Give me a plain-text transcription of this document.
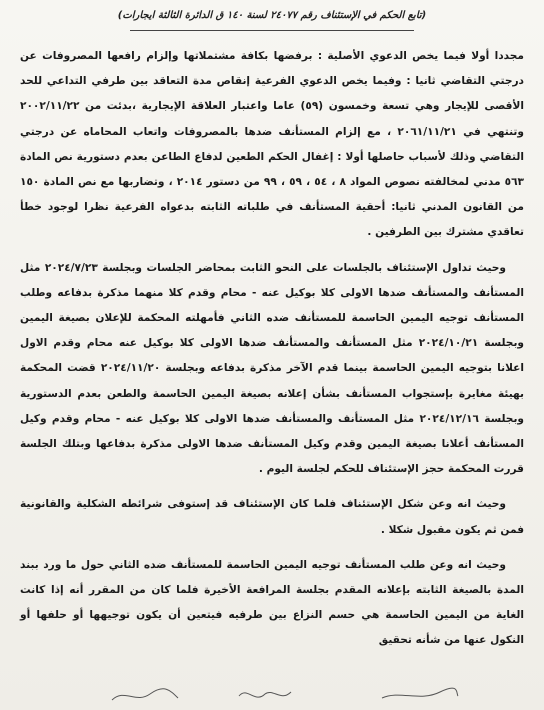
(تابع الحكم في الإستئناف رقم ٢٤٠٧٧ لسنة ١٤٠ ق الدائرة الثالثة ايجارات)

مجددا أولا فيما يخص الدعوي الأصلية : برفضها بكافة مشتملاتها وإلزام رافعها المصروفات عن درجتي التقاضي ثانيا : وفيما يخص الدعوي الفرعية إنقاص مدة التعاقد بين طرفي التداعي للحد الأقصى للإيجار وهي تسعة وخمسون (٥٩) عاما واعتبار العلاقة الإيجارية ،بدئت من ٢٠٠٢/١١/٢٢ وتنتهي في ٢٠٦١/١١/٢١ ، مع إلزام المستأنف ضدها بالمصروفات واتعاب المحاماه عن درجتي التقاضي وذلك لأسباب حاصلها أولا : إغفال الحكم الطعين لدفاع الطاعن بعدم دستورية نص المادة ٥٦٣ مدني لمخالفته نصوص المواد ٨ ، ٥٤ ، ٥٩ ، ٩٩ من دستور ٢٠١٤ ، وتضاربها مع نص المادة ١٥٠ من القانون المدني ثانيا: أحقية المستأنف في طلباته الثابته بدعواه الفرعية نظرا لوجود خطأ تعاقدي مشترك بين الطرفين .

وحيث تداول الإستئناف بالجلسات على النحو الثابت بمحاضر الجلسات وبجلسة ٢٠٢٤/٧/٢٣ مثل المستأنف والمستأنف ضدها الاولى كلا بوكيل عنه - محام وقدم كلا منهما مذكرة بدفاعه وطلب المستأنف توجيه اليمين الحاسمة للمستأنف ضده الثاني فأمهلته المحكمة للإعلان بصيغة اليمين وبجلسة ٢٠٢٤/١٠/٢١ مثل المستأنف والمستأنف ضدها الاولى كلا بوكيل عنه محام وقدم الاول اعلانا بتوجيه اليمين الحاسمة بينما قدم الآخر مذكرة بدفاعه وبجلسة ٢٠٢٤/١١/٢٠ قضت المحكمة بهيئة مغايرة بإستجواب المستأنف بشأن إعلانه بصيغة اليمين الحاسمة والطعن بعدم الدستورية وبجلسة ٢٠٢٤/١٢/١٦ مثل المستأنف والمستأنف ضدها الاولى كلا بوكيل عنه - محام وقدم وكيل المستأنف أعلانا بصيغة اليمين وقدم وكيل المستأنف ضدها الاولى مذكرة بدفاعها وبتلك الجلسة قررت المحكمة حجز الإستئناف للحكم لجلسة اليوم .

وحيث انه وعن شكل الإستئناف فلما كان الإستئناف قد إستوفى شرائطه الشكلية والقانونية فمن ثم يكون مقبول شكلا .

وحيث انه وعن طلب المستأنف توجيه اليمين الحاسمة للمستأنف ضده الثاني حول ما ورد ببند المدة بالصيغة الثابته بإعلانه المقدم بجلسة المرافعة الأخيرة فلما كان من المقرر أنه إذا كانت الغاية من اليمين الحاسمة هي حسم النزاع بين طرفيه فيتعين أن يكون توجيهها أو حلفها أو النكول عنها من شأنه تحقيق
